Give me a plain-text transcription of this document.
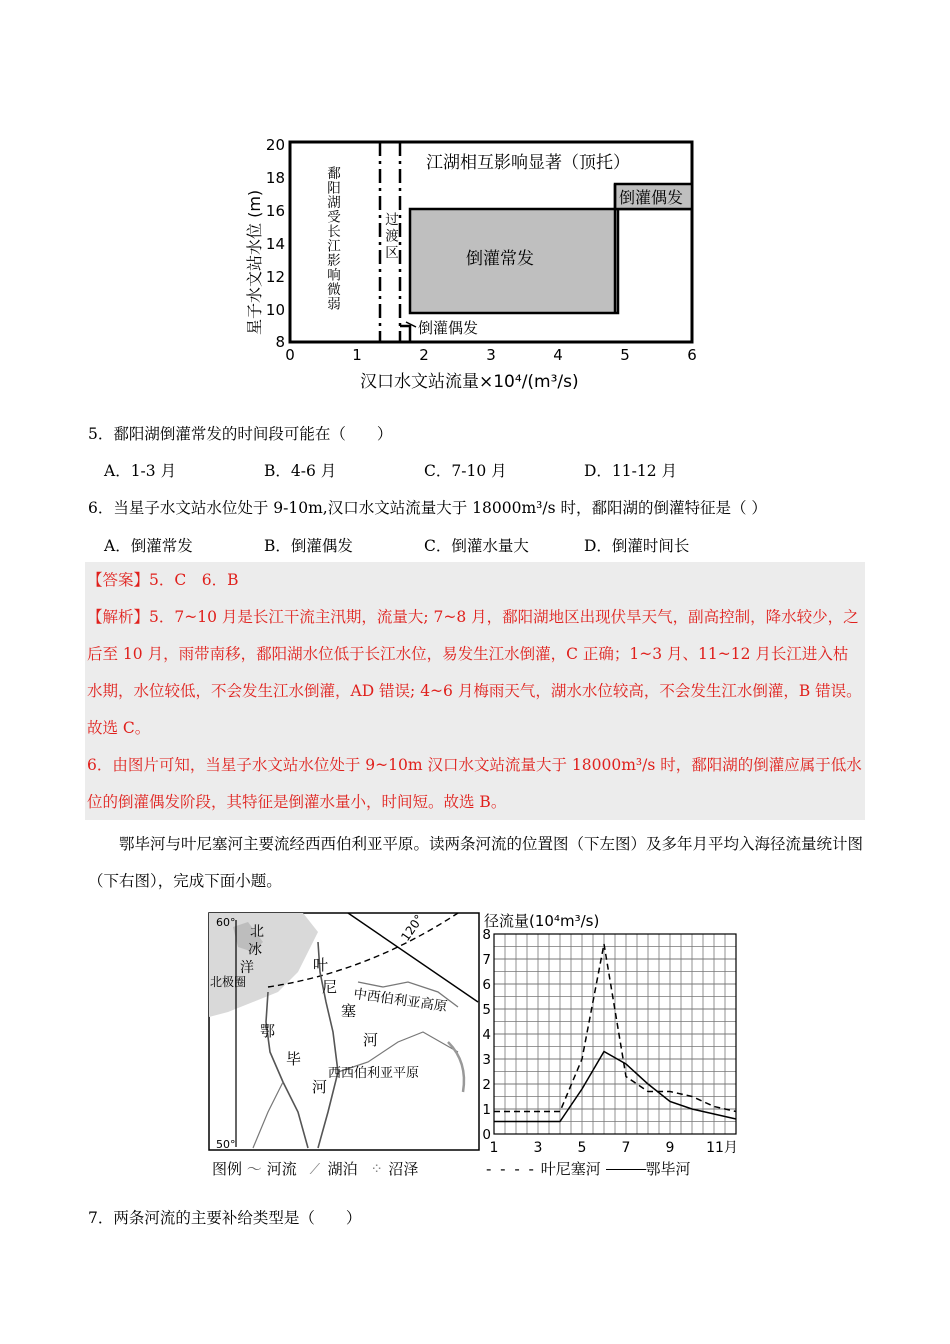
8
10
12
14
16
18
20
0	1	2	3	4	5	6
星子水文站水位 (m)
汉口水文站流量×10⁴/(m³/s)
江湖相互影响显著（顶托）
倒灌偶发
倒灌常发
倒灌偶发
鄱阳湖受长江影响微弱	过渡区
5．鄱阳湖倒灌常发的时间段可能在（　　）
A．1-3 月	B．4-6 月	C．7-10 月	D．11-12 月
6．当星子水文站水位处于 9-10m,汉口水文站流量大于 18000m³/s 时，鄱阳湖的倒灌特征是（ ）
A．倒灌常发	B．倒灌偶发	C．倒灌水量大	D．倒灌时间长
【答案】5．C　6．B
【解析】5．7~10 月是长江干流主汛期，流量大; 7~8 月，鄱阳湖地区出现伏旱天气，副高控制，降水较少，之后至 10 月，雨带南移，鄱阳湖水位低于长江水位，易发生江水倒灌，C 正确；1~3 月、11~12 月长江进入枯水期，水位较低，不会发生江水倒灌，AD 错误; 4~6 月梅雨天气，湖水水位较高，不会发生江水倒灌，B 错误。故选 C。
6．由图片可知，当星子水文站水位处于 9~10m 汉口水文站流量大于 18000m³/s 时，鄱阳湖的倒灌应属于低水位的倒灌偶发阶段，其特征是倒灌水量小，时间短。故选 B。
鄂毕河与叶尼塞河主要流经西西伯利亚平原。读两条河流的位置图（下左图）及多年月平均入海径流量统计图（下右图），完成下面小题。
60°
50°
120°
北极圈
北
冰
洋	叶
尼
塞
河
鄂
毕
河
中西伯利亚高原
西西伯利亚平原
图例 〜 河流 ⟋ 湖泊 ⁘ 沼泽
径流量(10⁴m³/s)
0
1
2
3
4
5
6
7
8
1	3	5	7	9 11月
- - - - 叶尼塞河	鄂毕河
7．两条河流的主要补给类型是（　　）
